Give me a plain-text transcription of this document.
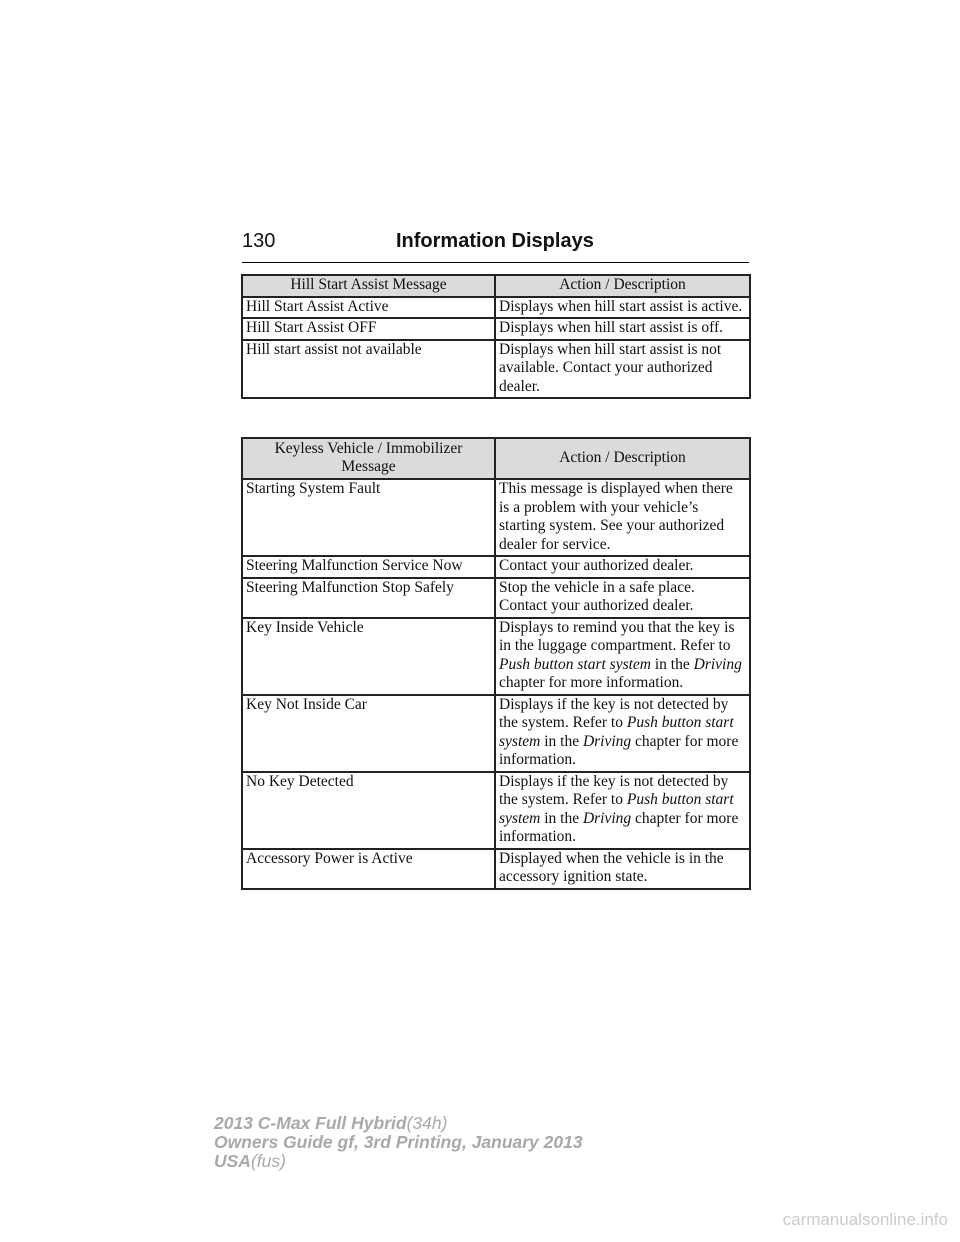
130	Information Displays
Hill Start Assist Message	Action / Description
Hill Start Assist Active	Displays when hill start assist is active.
Hill Start Assist OFF	Displays when hill start assist is off.
Hill start assist not available	Displays when hill start assist is not available. Contact your authorized dealer.
Keyless Vehicle / Immobilizer Message	Action / Description
Starting System Fault	This message is displayed when there is a problem with your vehicle’s starting system. See your authorized dealer for service.
Steering Malfunction Service Now	Contact your authorized dealer.
Steering Malfunction Stop Safely	Stop the vehicle in a safe place. Contact your authorized dealer.
Key Inside Vehicle	Displays to remind you that the key is in the luggage compartment. Refer to Push button start system in the Driving chapter for more information.
Key Not Inside Car	Displays if the key is not detected by the system. Refer to Push button start system in the Driving chapter for more information.
No Key Detected	Displays if the key is not detected by the system. Refer to Push button start system in the Driving chapter for more information.
Accessory Power is Active	Displayed when the vehicle is in the accessory ignition state.
2013 C-Max Full Hybrid(34h)
Owners Guide gf, 3rd Printing, January 2013
USA(fus)
carmanualsonline.info
